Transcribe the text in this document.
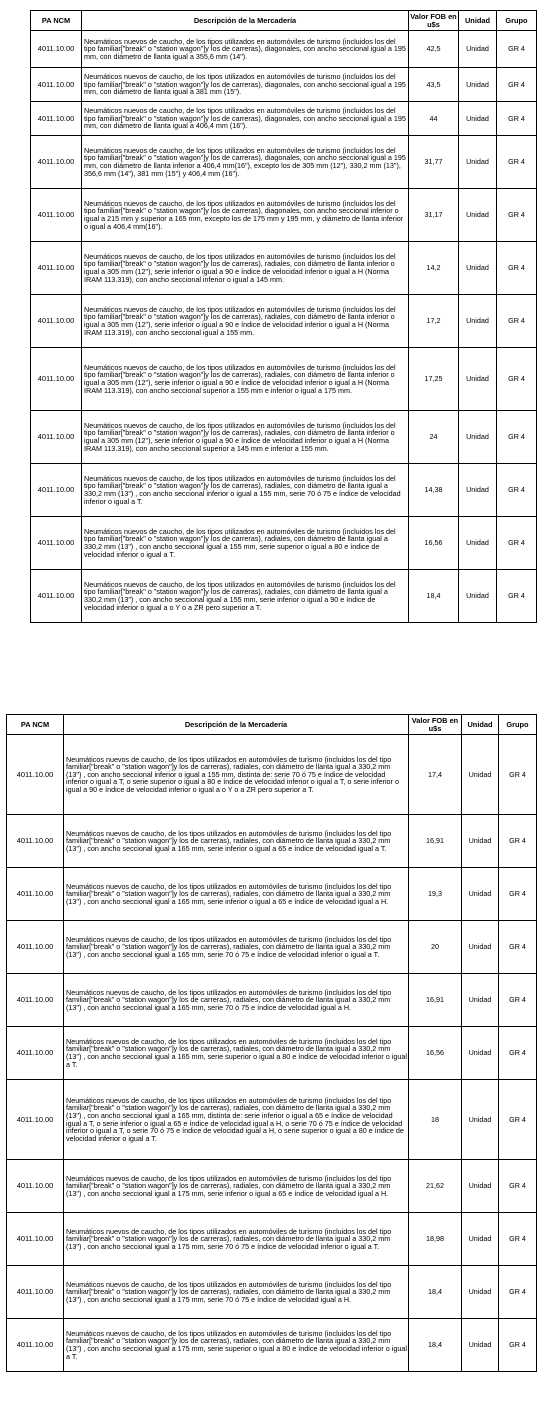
PA NCM	Descripción de la Mercadería	Valor FOB en u$s	Unidad	Grupo
4011.10.00	Neumáticos nuevos de caucho, de los tipos utilizados en automóviles de turismo (incluidos los del tipo familiar["break" o "station wagon"]y los de carreras), diagonales, con ancho seccional igual a 195 mm, con diámetro de llanta igual a 355,6 mm (14").	42,5	Unidad	GR 4
4011.10.00	Neumáticos nuevos de caucho, de los tipos utilizados en automóviles de turismo (incluidos los del tipo familiar["break" o "station wagon"]y los de carreras), diagonales, con ancho seccional igual a 195 mm, con diámetro de llanta igual a 381 mm (15").	43,5	Unidad	GR 4
4011.10.00	Neumáticos nuevos de caucho, de los tipos utilizados en automóviles de turismo (incluidos los del tipo familiar["break" o "station wagon"]y los de carreras), diagonales, con ancho seccional igual a 195 mm, con diámetro de llanta igual a 406,4 mm (16").	44	Unidad	GR 4
4011.10.00	Neumáticos nuevos de caucho, de los tipos utilizados en automóviles de turismo (incluidos los del tipo familiar["break" o "station wagon"]y los de carreras), diagonales, con ancho seccional igual a 195 mm, con diámetro de llanta inferior a 406,4 mm(16"), excepto los de 305 mm (12"), 330,2 mm (13"), 356,6 mm (14"), 381 mm (15") y 406,4 mm (16").	31,77	Unidad	GR 4
4011.10.00	Neumáticos nuevos de caucho, de los tipos utilizados en automóviles de turismo (incluidos los del tipo familiar["break" o "station wagon"]y los de carreras), diagonales, con ancho seccional inferior o igual a 215 mm y superior a 165 mm, excepto los de 175 mm y 195 mm, y diámetro de llanta inferior o igual a 406,4 mm(16").	31,17	Unidad	GR 4
4011.10.00	Neumáticos nuevos de caucho, de los tipos utilizados en automóviles de turismo (incluidos los del tipo familiar["break" o "station wagon"]y los de carreras), radiales, con diámetro de llanta inferior o igual a 305 mm (12"), serie inferior o igual a 90 e índice de velocidad inferior o igual a H (Norma IRAM 113.319), con ancho seccional inferior o igual a 145 mm.	14,2	Unidad	GR 4
4011.10.00	Neumáticos nuevos de caucho, de los tipos utilizados en automóviles de turismo (incluidos los del tipo familiar["break" o "station wagon"]y los de carreras), radiales, con diámetro de llanta inferior o igual a 305 mm (12"), serie inferior o igual a 90 e índice de velocidad inferior o igual a H (Norma IRAM 113.319), con ancho seccional igual a 155 mm.	17,2	Unidad	GR 4
4011.10.00	Neumáticos nuevos de caucho, de los tipos utilizados en automóviles de turismo (incluidos los del tipo familiar["break" o "station wagon"]y los de carreras), radiales, con diámetro de llanta inferior o igual a 305 mm (12"), serie inferior o igual a 90 e índice de velocidad inferior o igual a H (Norma IRAM 113.319), con ancho seccional superior a 155 mm e inferior o igual a 175 mm.	17,25	Unidad	GR 4
4011.10.00	Neumáticos nuevos de caucho, de los tipos utilizados en automóviles de turismo (incluidos los del tipo familiar["break" o "station wagon"]y los de carreras), radiales, con diámetro de llanta inferior o igual a 305 mm (12"), serie inferior o igual a 90 e índice de velocidad inferior o igual a H (Norma IRAM 113.319), con ancho seccional superior a 145 mm e inferior a 155 mm.	24	Unidad	GR 4
4011.10.00	Neumáticos nuevos de caucho, de los tipos utilizados en automóviles de turismo (incluidos los del tipo familiar["break" o "station wagon"]y los de carreras), radiales, con diámetro de llanta igual a 330,2 mm (13") , con ancho seccional inferior o igual a 155 mm, serie 70 ó 75 e índice de velocidad inferior o igual a T.	14,38	Unidad	GR 4
4011.10.00	Neumáticos nuevos de caucho, de los tipos utilizados en automóviles de turismo (incluidos los del tipo familiar["break" o "station wagon"]y los de carreras), radiales, con diámetro de llanta igual a 330,2 mm (13") , con ancho seccional igual a 155 mm, serie superior o igual a 80 e índice de velocidad inferior o igual a T.	16,56	Unidad	GR 4
4011.10.00	Neumáticos nuevos de caucho, de los tipos utilizados en automóviles de turismo (incluidos los del tipo familiar["break" o "station wagon"]y los de carreras), radiales, con diámetro de llanta igual a 330,2 mm (13") , con ancho seccional igual a 155 mm, serie inferior o igual a 90 e índice de velocidad inferior o igual a o Y o a ZR pero superior a T.	18,4	Unidad	GR 4
PA NCM	Descripción de la Mercadería	Valor FOB en u$s	Unidad	Grupo
4011.10.00	Neumáticos nuevos de caucho, de los tipos utilizados en automóviles de turismo (incluidos los del tipo familiar["break" o "station wagon"]y los de carreras), radiales, con diámetro de llanta igual a 330,2 mm (13") , con ancho seccional inferior o igual a 155 mm, distinta de: serie 70 ó 75 e índice de velocidad inferior o igual a T, o serie superior o igual a 80 e índice de velocidad inferior o igual a T, o serie inferior o igual a 90 e índice de velocidad inferior o igual a o Y o a ZR pero superior a T.	17,4	Unidad	GR 4
4011.10.00	Neumáticos nuevos de caucho, de los tipos utilizados en automóviles de turismo (incluidos los del tipo familiar["break" o "station wagon"]y los de carreras), radiales, con diámetro de llanta igual a 330,2 mm (13") , con ancho seccional igual a 165 mm, serie inferior o igual a 65 e índice de velocidad igual a T.	16,91	Unidad	GR 4
4011.10.00	Neumáticos nuevos de caucho, de los tipos utilizados en automóviles de turismo (incluidos los del tipo familiar["break" o "station wagon"]y los de carreras), radiales, con diámetro de llanta igual a 330,2 mm (13") , con ancho seccional igual a 165 mm, serie inferior o igual a 65 e índice de velocidad igual a H.	19,3	Unidad	GR 4
4011.10.00	Neumáticos nuevos de caucho, de los tipos utilizados en automóviles de turismo (incluidos los del tipo familiar["break" o "station wagon"]y los de carreras), radiales, con diámetro de llanta igual a 330,2 mm (13") , con ancho seccional igual a 165 mm, serie 70 ó 75 e índice de velocidad inferior o igual a T.	20	Unidad	GR 4
4011.10.00	Neumáticos nuevos de caucho, de los tipos utilizados en automóviles de turismo (incluidos los del tipo familiar["break" o "station wagon"]y los de carreras), radiales, con diámetro de llanta igual a 330,2 mm (13") , con ancho seccional igual a 165 mm, serie 70 ó 75 e índice de velocidad igual a H.	16,91	Unidad	GR 4
4011.10.00	Neumáticos nuevos de caucho, de los tipos utilizados en automóviles de turismo (incluidos los del tipo familiar["break" o "station wagon"]y los de carreras), radiales, con diámetro de llanta igual a 330,2 mm (13") , con ancho seccional igual a 165 mm, serie superior o igual a 80 e índice de velocidad inferior o igual a T.	16,56	Unidad	GR 4
4011.10.00	Neumáticos nuevos de caucho, de los tipos utilizados en automóviles de turismo (incluidos los del tipo familiar["break" o "station wagon"]y los de carreras), radiales, con diámetro de llanta igual a 330,2 mm (13") , con ancho seccional igual a 165 mm, distinta de: serie inferior o igual a 65 e índice de velocidad igual a T, o serie inferior o igual a 65 e índice de velocidad igual a H, o serie 70 ó 75 e índice de velocidad inferior o igual a T, o serie 70 ó 75 e índice de velocidad igual a H, o serie superior o igual a 80 e índice de velocidad inferior o igual a T.	18	Unidad	GR 4
4011.10.00	Neumáticos nuevos de caucho, de los tipos utilizados en automóviles de turismo (incluidos los del tipo familiar["break" o "station wagon"]y los de carreras), radiales, con diámetro de llanta igual a 330,2 mm (13") , con ancho seccional igual a 175 mm, serie inferior o igual a 65 e índice de velocidad igual a H.	21,62	Unidad	GR 4
4011.10.00	Neumáticos nuevos de caucho, de los tipos utilizados en automóviles de turismo (incluidos los del tipo familiar["break" o "station wagon"]y los de carreras), radiales, con diámetro de llanta igual a 330,2 mm (13") , con ancho seccional igual a 175 mm, serie 70 ó 75 e índice de velocidad inferior o igual a T.	18,98	Unidad	GR 4
4011.10.00	Neumáticos nuevos de caucho, de los tipos utilizados en automóviles de turismo (incluidos los del tipo familiar["break" o "station wagon"]y los de carreras), radiales, con diámetro de llanta igual a 330,2 mm (13") , con ancho seccional igual a 175 mm, serie 70 ó 75 e índice de velocidad igual a H.	18,4	Unidad	GR 4
4011.10.00	Neumáticos nuevos de caucho, de los tipos utilizados en automóviles de turismo (incluidos los del tipo familiar["break" o "station wagon"]y los de carreras), radiales, con diámetro de llanta igual a 330,2 mm (13") , con ancho seccional igual a 175 mm, serie superior o igual a 80 e índice de velocidad inferior o igual a T.	18,4	Unidad	GR 4
